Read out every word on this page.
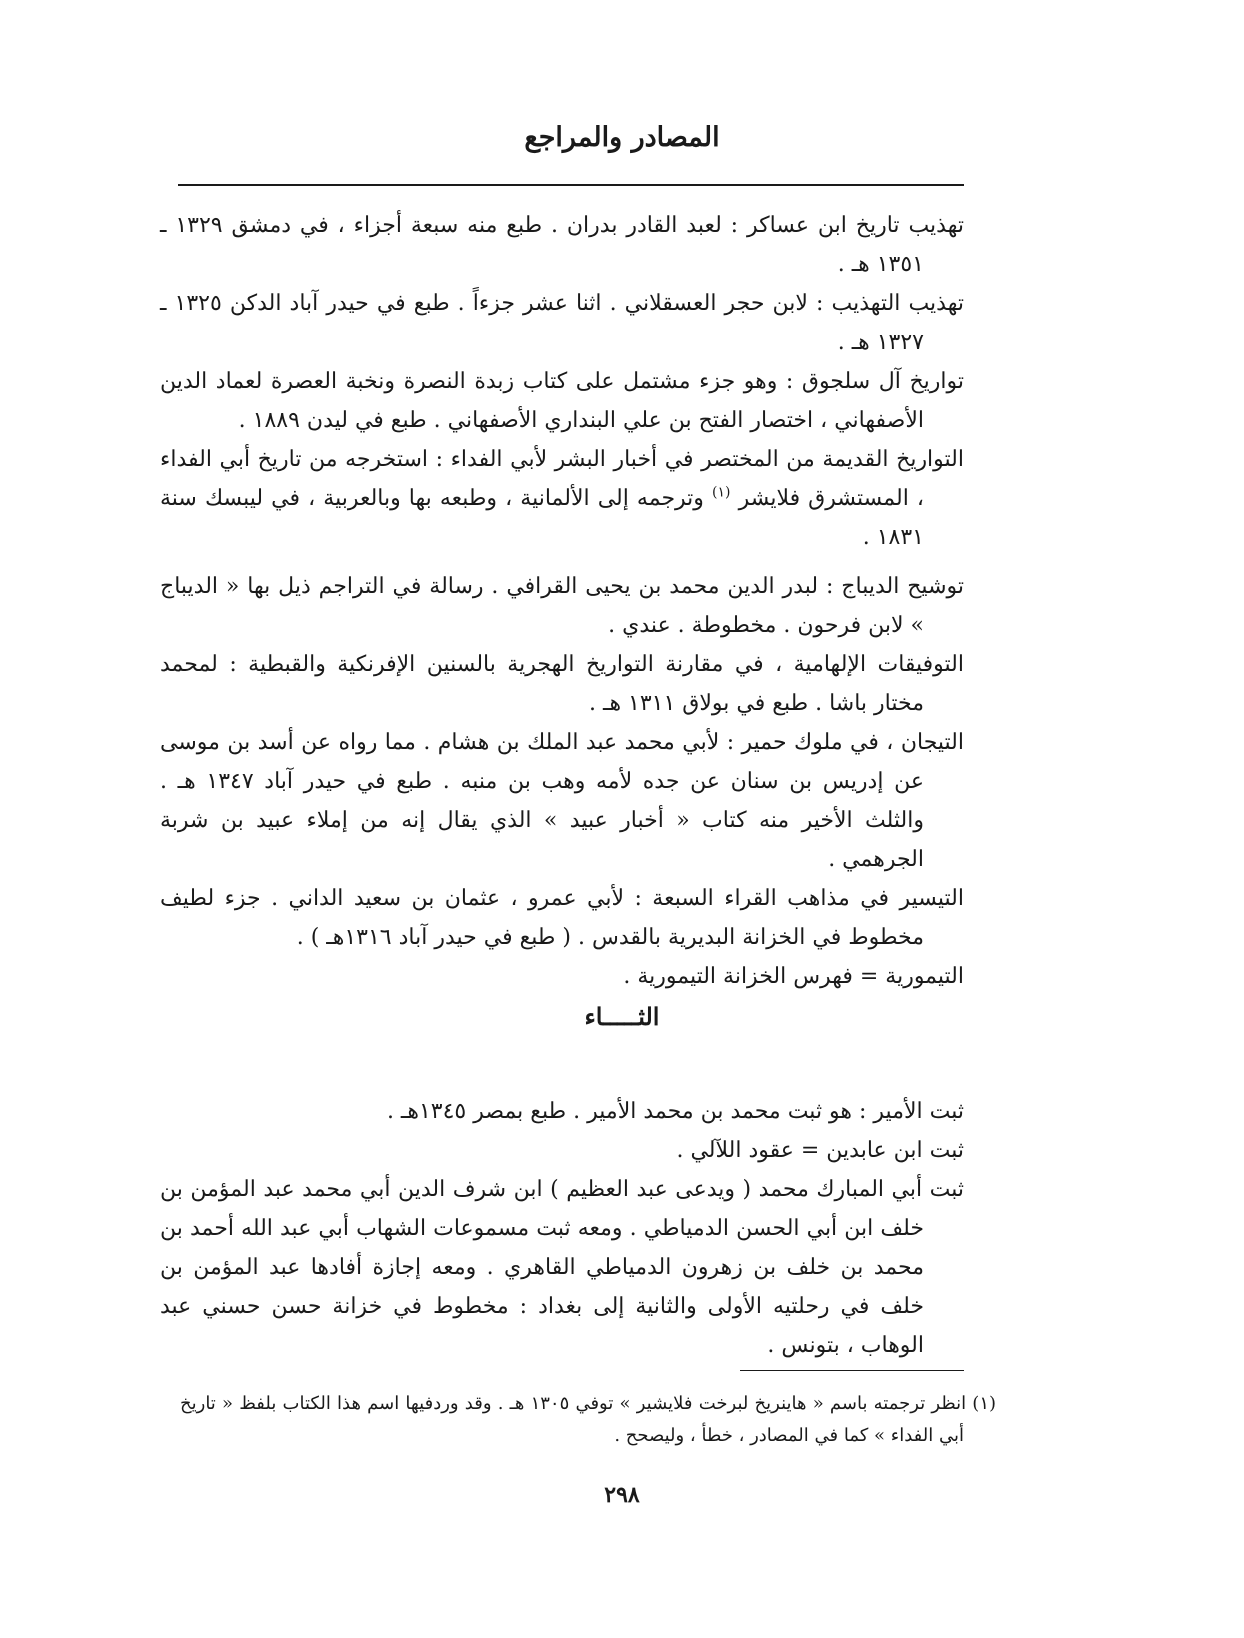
المصادر والمراجع
تهذيب تاريخ ابن عساكر : لعبد القادر بدران . طبع منه سبعة أجزاء ، في دمشق ١٣٢٩ ـ ١٣٥١ هـ .
تهذيب التهذيب : لابن حجر العسقلاني . اثنا عشر جزءاً . طبع في حيدر آباد الدكن ١٣٢٥ ـ ١٣٢٧ هـ .
تواريخ آل سلجوق : وهو جزء مشتمل على كتاب زبدة النصرة ونخبة العصرة لعماد الدين الأصفهاني ، اختصار الفتح بن علي البنداري الأصفهاني . طبع في ليدن ١٨٨٩ .
التواريخ القديمة من المختصر في أخبار البشر لأبي الفداء : استخرجه من تاريخ أبي الفداء ، المستشرق فلايشر $^{(١)}$ وترجمه إلى الألمانية ، وطبعه بها وبالعربية ، في ليبسك سنة ١٨٣١ .
توشيح الديباج : لبدر الدين محمد بن يحيى القرافي . رسالة في التراجم ذيل بها « الديباج » لابن فرحون . مخطوطة . عندي .
التوفيقات الإلهامية ، في مقارنة التواريخ الهجرية بالسنين الإفرنكية والقبطية : لمحمد مختار باشا . طبع في بولاق ١٣١١ هـ .
التيجان ، في ملوك حمير : لأبي محمد عبد الملك بن هشام . مما رواه عن أسد بن موسى عن إدريس بن سنان عن جده لأمه وهب بن منبه . طبع في حيدر آباد ١٣٤٧ هـ . والثلث الأخير منه كتاب « أخبار عبيد » الذي يقال إنه من إملاء عبيد بن شربة الجرهمي .
التيسير في مذاهب القراء السبعة : لأبي عمرو ، عثمان بن سعيد الداني . جزء لطيف مخطوط في الخزانة البديرية بالقدس . ( طبع في حيدر آباد ١٣١٦هـ ) .
التيمورية = فهرس الخزانة التيمورية .
الثـــــاء
ثبت الأمير : هو ثبت محمد بن محمد الأمير . طبع بمصر ١٣٤٥هـ .
ثبت ابن عابدين = عقود اللآلي .
ثبت أبي المبارك محمد ( ويدعى عبد العظيم ) ابن شرف الدين أبي محمد عبد المؤمن بن خلف ابن أبي الحسن الدمياطي . ومعه ثبت مسموعات الشهاب أبي عبد الله أحمد بن محمد بن خلف بن زهرون الدمياطي القاهري . ومعه إجازة أفادها عبد المؤمن بن خلف في رحلتيه الأولى والثانية إلى بغداد : مخطوط في خزانة حسن حسني عبد الوهاب ، بتونس .

(١) انظر ترجمته باسم « هاينريخ لبرخت فلايشير » توفي ١٣٠٥ هـ . وقد وردفيها اسم هذا الكتاب بلفظ « تاريخ أبي الفداء » كما في المصادر ، خطأ ، وليصحح .

٢٩٨
